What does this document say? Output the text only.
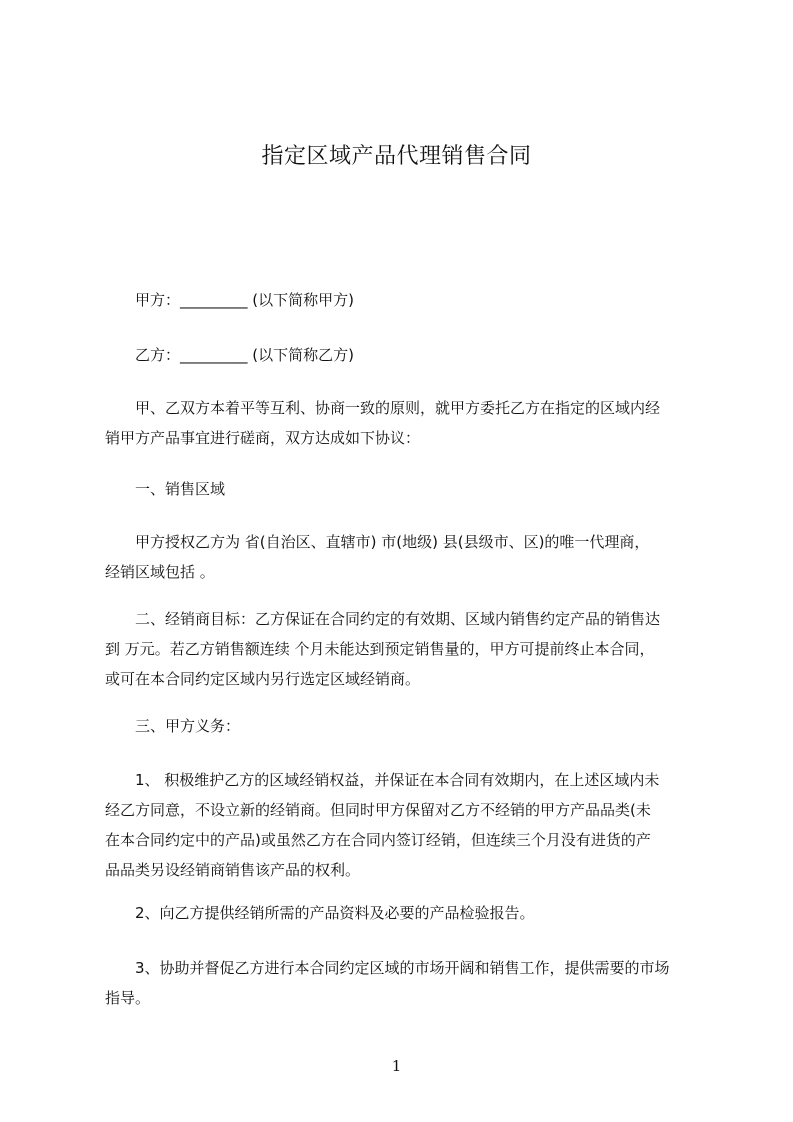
指定区域产品代理销售合同

甲方：_________ (以下简称甲方)

乙方：_________ (以下简称乙方)

甲、乙双方本着平等互利、协商一致的原则，就甲方委托乙方在指定的区域内经
销甲方产品事宜进行磋商，双方达成如下协议：

一、销售区域

甲方授权乙方为 省(自治区、直辖市) 市(地级) 县(县级市、区)的唯一代理商，
经销区域包括 。

二、经销商目标：乙方保证在合同约定的有效期、区域内销售约定产品的销售达
到 万元。若乙方销售额连续 个月未能达到预定销售量的，甲方可提前终止本合同，
或可在本合同约定区域内另行选定区域经销商。

三、甲方义务：

1、 积极维护乙方的区域经销权益，并保证在本合同有效期内，在上述区域内未
经乙方同意，不设立新的经销商。但同时甲方保留对乙方不经销的甲方产品品类(未
在本合同约定中的产品)或虽然乙方在合同内签订经销，但连续三个月没有进货的产
品品类另设经销商销售该产品的权利。

2、向乙方提供经销所需的产品资料及必要的产品检验报告。

3、协助并督促乙方进行本合同约定区域的市场开阔和销售工作，提供需要的市场
指导。

1
